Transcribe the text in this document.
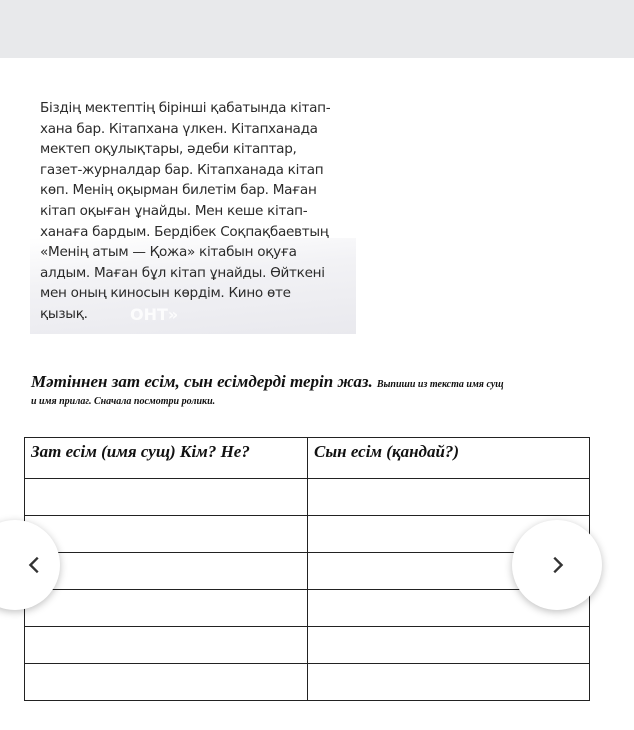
Біздің мектептің бірінші қабатында кітап-
хана бар. Кітапхана үлкен. Кітапханада
мектеп оқулықтары, әдеби кітаптар,
газет-журналдар бар. Кітапханада кітап
көп. Менің оқырман билетім бар. Маған
кітап оқыған ұнайды. Мен кеше кітап-
ханаға бардым. Бердібек Соқпақбаевтың
«Менің атым — Қожа» кітабын оқуға
алдым. Маған бұл кітап ұнайды. Өйткені
мен оның киносын көрдім. Кино өте
қызық.	ОНТ»
Мәтіннен зат есім, сын есімдерді теріп жаз. Выпиши из текста имя сущ
и имя прилаг. Сначала посмотри ролики.
Зат есім (имя сущ) Кім? Не?	Сын есім (қандай?)
